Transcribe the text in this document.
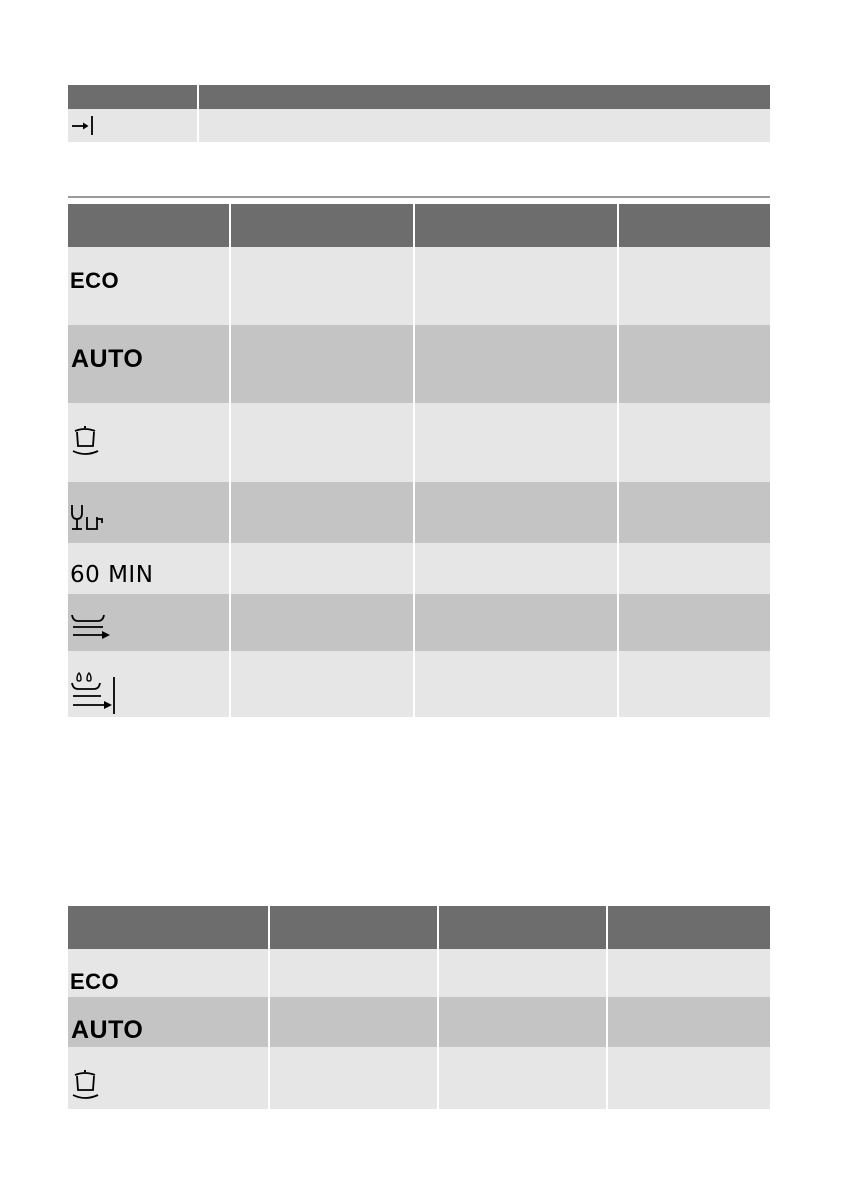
ECO
AUTO
60 MIN
ECO
AUTO
